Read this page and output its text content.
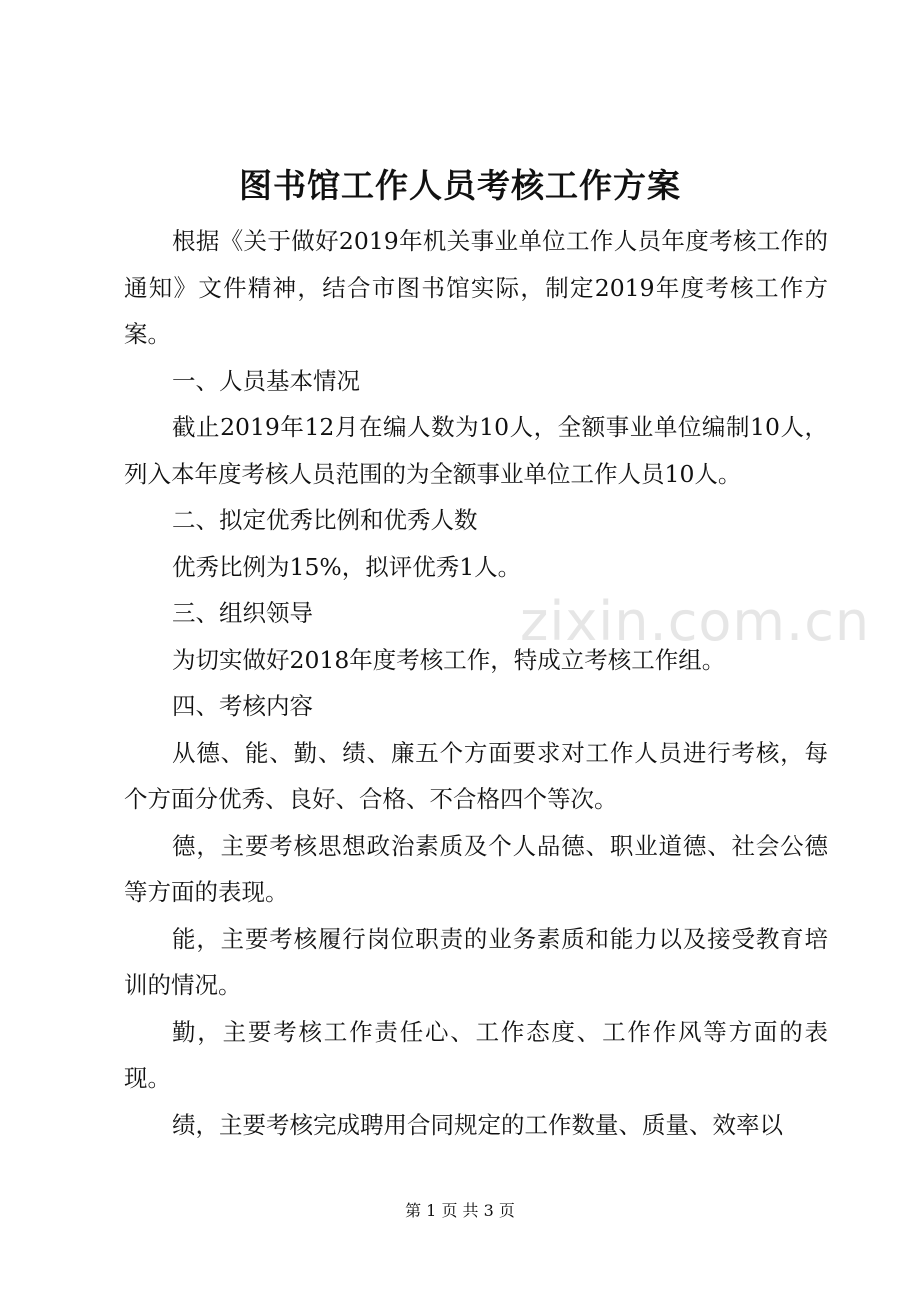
图书馆工作人员考核工作方案

根据《关于做好2019年机关事业单位工作人员年度考核工作的通知》文件精神，结合市图书馆实际，制定2019年度考核工作方案。

一、人员基本情况

截止2019年12月在编人数为10人，全额事业单位编制10人，列入本年度考核人员范围的为全额事业单位工作人员10人。

二、拟定优秀比例和优秀人数

优秀比例为15%，拟评优秀1人。

三、组织领导

为切实做好2018年度考核工作，特成立考核工作组。

四、考核内容

从德、能、勤、绩、廉五个方面要求对工作人员进行考核，每个方面分优秀、良好、合格、不合格四个等次。

德，主要考核思想政治素质及个人品德、职业道德、社会公德等方面的表现。

能，主要考核履行岗位职责的业务素质和能力以及接受教育培训的情况。

勤，主要考核工作责任心、工作态度、工作作风等方面的表现。

绩，主要考核完成聘用合同规定的工作数量、质量、效率以

zixin.com.cn
第 1 页 共 3 页
